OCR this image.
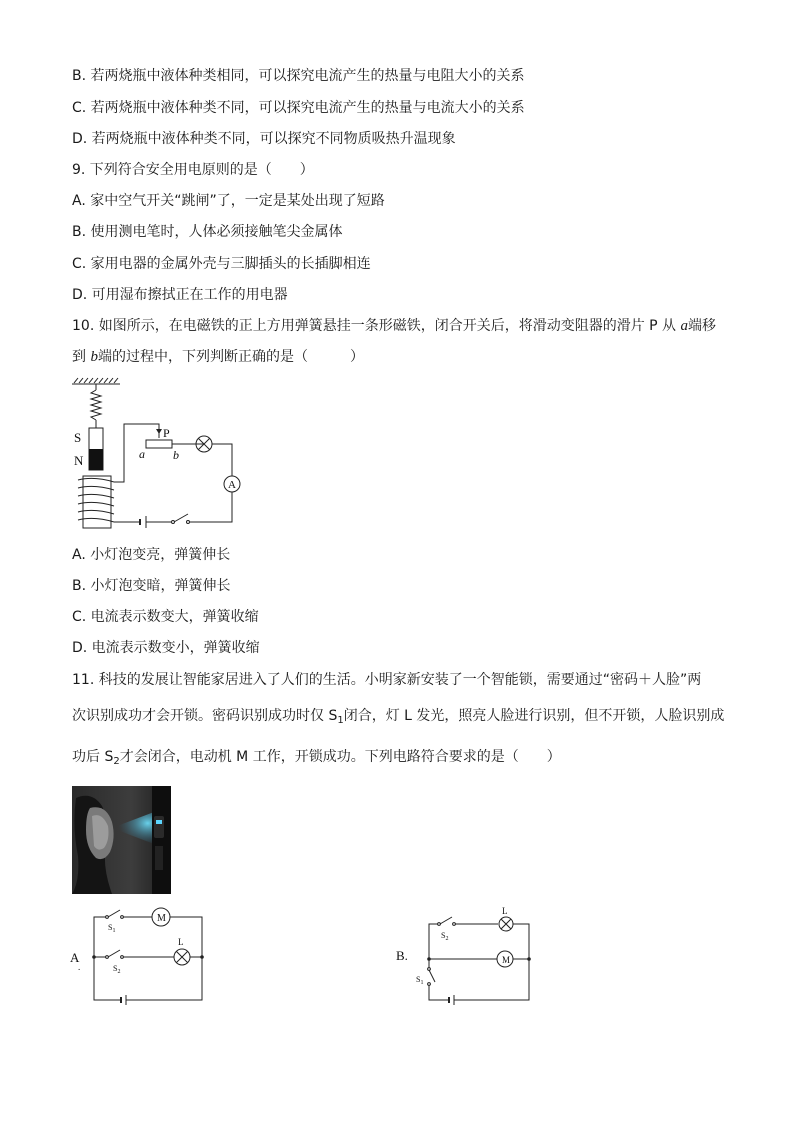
B. 若两烧瓶中液体种类相同，可以探究电流产生的热量与电阻大小的关系
C. 若两烧瓶中液体种类不同，可以探究电流产生的热量与电流大小的关系
D. 若两烧瓶中液体种类不同，可以探究不同物质吸热升温现象
9. 下列符合安全用电原则的是（　　）
A. 家中空气开关“跳闸”了，一定是某处出现了短路
B. 使用测电笔时，人体必须接触笔尖金属体
C. 家用电器的金属外壳与三脚插头的长插脚相连
D. 可用湿布擦拭正在工作的用电器
10. 如图所示，在电磁铁的正上方用弹簧悬挂一条形磁铁，闭合开关后，将滑动变阻器的滑片 P 从 a端移
到 b端的过程中，下列判断正确的是（　　　）
S
N
P
a b
A
A. 小灯泡变亮，弹簧伸长
B. 小灯泡变暗，弹簧伸长
C. 电流表示数变大，弹簧收缩
D. 电流表示数变小，弹簧收缩
11. 科技的发展让智能家居进入了人们的生活。小明家新安装了一个智能锁，需要通过“密码＋人脸”两
次识别成功才会开锁。密码识别成功时仅 $S_1$闭合，灯 L 发光，照亮人脸进行识别，但不开锁，人脸识别成
功后 $S_2$才会闭合，电动机 M 工作，开锁成功。下列电路符合要求的是（　　）
A
.
M
L
$S_1$
$S_2$
B.	M
L
$S_2$
$S_1$
